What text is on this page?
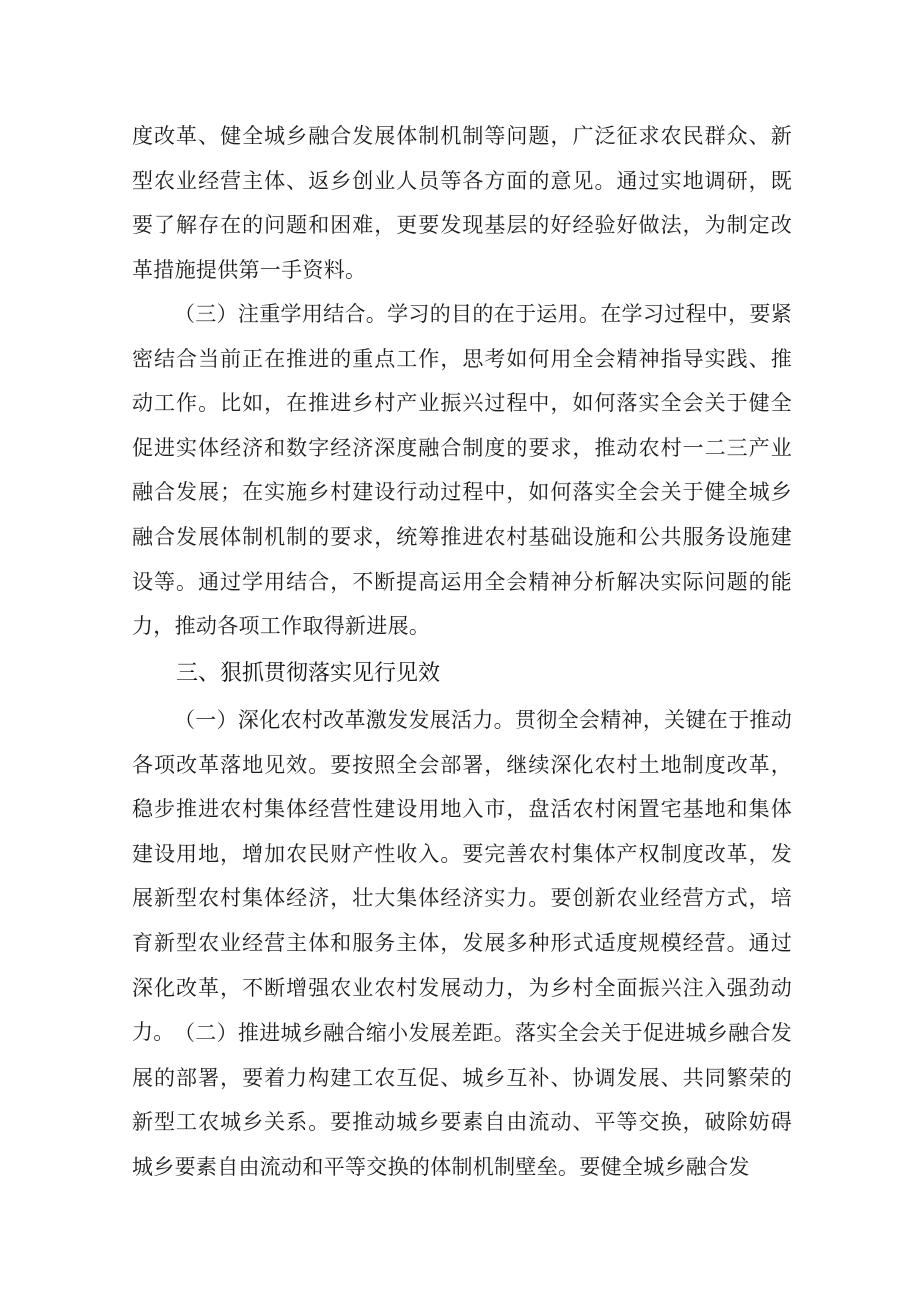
度改革、健全城乡融合发展体制机制等问题，广泛征求农民群众、新型农业经营主体、返乡创业人员等各方面的意见。通过实地调研，既要了解存在的问题和困难，更要发现基层的好经验好做法，为制定改革措施提供第一手资料。

（三）注重学用结合。学习的目的在于运用。在学习过程中，要紧密结合当前正在推进的重点工作，思考如何用全会精神指导实践、推动工作。比如，在推进乡村产业振兴过程中，如何落实全会关于健全促进实体经济和数字经济深度融合制度的要求，推动农村一二三产业融合发展；在实施乡村建设行动过程中，如何落实全会关于健全城乡融合发展体制机制的要求，统筹推进农村基础设施和公共服务设施建设等。通过学用结合，不断提高运用全会精神分析解决实际问题的能力，推动各项工作取得新进展。

三、狠抓贯彻落实见行见效

（一）深化农村改革激发发展活力。贯彻全会精神，关键在于推动各项改革落地见效。要按照全会部署，继续深化农村土地制度改革，稳步推进农村集体经营性建设用地入市，盘活农村闲置宅基地和集体建设用地，增加农民财产性收入。要完善农村集体产权制度改革，发展新型农村集体经济，壮大集体经济实力。要创新农业经营方式，培育新型农业经营主体和服务主体，发展多种形式适度规模经营。通过深化改革，不断增强农业农村发展动力，为乡村全面振兴注入强劲动力。 （二）推进城乡融合缩小发展差距。落实全会关于促进城乡融合发展的部署，要着力构建工农互促、城乡互补、协调发展、共同繁荣的新型工农城乡关系。要推动城乡要素自由流动、平等交换，破除妨碍城乡要素自由流动和平等交换的体制机制壁垒。要健全城乡融合发
